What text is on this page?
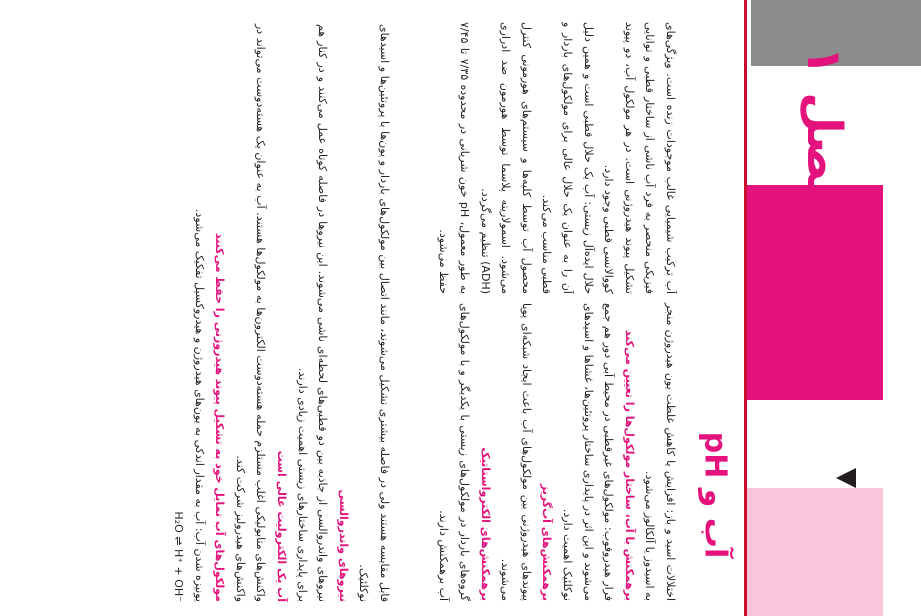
فصل ۱
آب و pH

آب ترکیب شیمیایی غالب موجودات زنده است. ویژگی‌های فیزیکی منحصر به فرد آب ناشی از ساختار قطبی و توانایی تشکیل پیوند هیدروژنی است. در هر مولکول آب، دو پیوند کووالانسی قطبی وجود دارد.

حلال ایده‌آل زیستی: آب یک حلال قطبی است و همین دلیل آن را به عنوان یک حلال عالی برای مولکول‌های باردار و قطبی مناسب می‌کند.

محصول آب توسط کلیه‌ها و سیستم‌های هورمونی کنترل می‌شود. اسمولاریته پلاسما توسط هورمون ضد ادراری (ADH) تنظیم می‌گردد.

به طور معمول، pH خون شریانی در محدوده ۷/۳۵ تا ۷/۴۵ حفظ می‌شود.

اختلالات اسید و باز: افزایش یا کاهش غلظت یون هیدروژن منجر به اسیدوز یا آلکالوز می‌شود.

برهمکنش با آب، ساختار مولکول‌ها را تعیین می‌کند

فرار هیدروفوب: مولکول‌های غیرقطبی در محیط آبی دور هم جمع می‌شوند و این اثر در پایداری ساختار پروتئین‌ها، غشاها و اسیدهای نوکلئیک اهمیت دارد.

برهمکنش‌های آب‌گریز

پیوندهای هیدروژنی بین مولکول‌های آب باعث ایجاد شبکه‌ای پویا می‌شوند.

برهمکنش‌های الکترواستاتیک

گروه‌های باردار در مولکول‌های زیستی با یکدیگر و با مولکول‌های آب برهمکنش دارند.

قابل مقایسه هستند ولی در فاصله بیشتری تشکیل می‌شوند، مانند اتصال بین مولکول‌های باردار و یون‌ها با پروتئین‌ها و اسیدهای نوکلئیک.

نیروهای واندروالسی

نیروهای واندروالسی از جاذبه بین دو قطبی‌های لحظه‌ای ناشی می‌شوند. این نیروها در فاصله کوتاه عمل می‌کنند و در کنار هم برای پایداری ساختارهای زیستی اهمیت زیادی دارند.

آب یک الکترولیت عالی است

واکنش‌های متابولیکی اغلب مستلزم حمله هسته‌دوست الکترون‌ها به مولکول‌ها هستند. آب به عنوان یک هسته‌دوست می‌تواند در واکنش‌های هیدرولیز شرکت کند.

مولکول‌های آب تمایل خود به تشکیل پیوند هیدروژنی را حفظ می‌کنند

یونیزه شدن آب: آب به مقدار اندکی به یون‌های هیدروژن و هیدروکسیل تفکیک می‌شود.

H₂O ⇌ H⁺ + OH⁻
